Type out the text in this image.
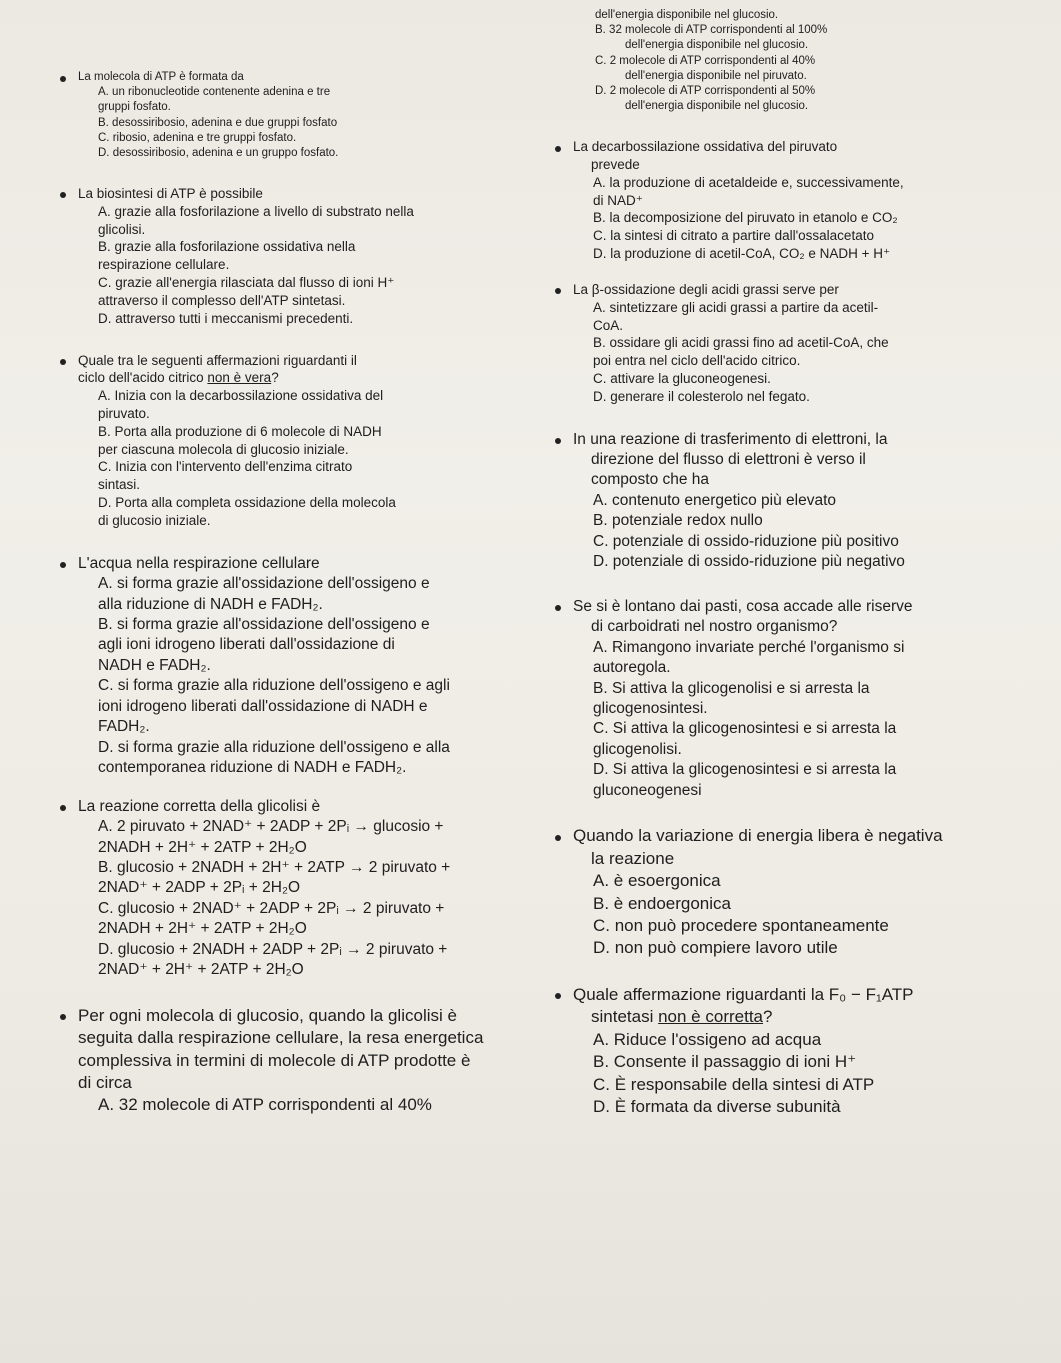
dell'energia disponibile nel glucosio.

B. 32 molecole di ATP corrispondenti al 100%

dell'energia disponibile nel glucosio.

C. 2 molecole di ATP corrispondenti al 40%

dell'energia disponibile nel piruvato.

D. 2 molecole di ATP corrispondenti al 50%

dell'energia disponibile nel glucosio.

La decarbossilazione ossidativa del piruvato

prevede

A. la produzione di acetaldeide e, successivamente,

di NAD⁺

B. la decomposizione del piruvato in etanolo e CO₂

C. la sintesi di citrato a partire dall'ossalacetato

D. la produzione di acetil-CoA, CO₂ e NADH + H⁺

La β-ossidazione degli acidi grassi serve per

A. sintetizzare gli acidi grassi a partire da acetil-

CoA.

B. ossidare gli acidi grassi fino ad acetil-CoA, che

poi entra nel ciclo dell'acido citrico.

C. attivare la gluconeogenesi.

D. generare il colesterolo nel fegato.

In una reazione di trasferimento di elettroni, la

direzione del flusso di elettroni è verso il

composto che ha

A. contenuto energetico più elevato

B. potenziale redox nullo

C. potenziale di ossido-riduzione più positivo

D. potenziale di ossido-riduzione più negativo

Se si è lontano dai pasti, cosa accade alle riserve

di carboidrati nel nostro organismo?

A. Rimangono invariate perché l'organismo si

autoregola.

B. Si attiva la glicogenolisi e si arresta la

glicogenosintesi.

C. Si attiva la glicogenosintesi e si arresta la

glicogenolisi.

D. Si attiva la glicogenosintesi e si arresta la

gluconeogenesi

Quando la variazione di energia libera è negativa

la reazione

A. è esoergonica

B. è endoergonica

C. non può procedere spontaneamente

D. non può compiere lavoro utile

Quale affermazione riguardanti la F₀ − F₁ATP

sintetasi non è corretta?

A. Riduce l'ossigeno ad acqua

B. Consente il passaggio di ioni H⁺

C. È responsabile della sintesi di ATP

D. È formata da diverse subunità

La molecola di ATP è formata da

A. un ribonucleotide contenente adenina e tre

gruppi fosfato.

B. desossiribosio, adenina e due gruppi fosfato

C. ribosio, adenina e tre gruppi fosfato.

D. desossiribosio, adenina e un gruppo fosfato.

La biosintesi di ATP è possibile

A. grazie alla fosforilazione a livello di substrato nella

glicolisi.

B. grazie alla fosforilazione ossidativa nella

respirazione cellulare.

C. grazie all'energia rilasciata dal flusso di ioni H⁺

attraverso il complesso dell'ATP sintetasi.

D. attraverso tutti i meccanismi precedenti.

Quale tra le seguenti affermazioni riguardanti il

ciclo dell'acido citrico non è vera?

A. Inizia con la decarbossilazione ossidativa del

piruvato.

B. Porta alla produzione di 6 molecole di NADH

per ciascuna molecola di glucosio iniziale.

C. Inizia con l'intervento dell'enzima citrato

sintasi.

D. Porta alla completa ossidazione della molecola

di glucosio iniziale.

L'acqua nella respirazione cellulare

A. si forma grazie all'ossidazione dell'ossigeno e

alla riduzione di NADH e FADH₂.

B. si forma grazie all'ossidazione dell'ossigeno e

agli ioni idrogeno liberati dall'ossidazione di

NADH e FADH₂.

C. si forma grazie alla riduzione dell'ossigeno e agli

ioni idrogeno liberati dall'ossidazione di NADH e

FADH₂.

D. si forma grazie alla riduzione dell'ossigeno e alla

contemporanea riduzione di NADH e FADH₂.

La reazione corretta della glicolisi è

A. 2 piruvato + 2NAD⁺ + 2ADP + 2Pᵢ → glucosio +

2NADH + 2H⁺ + 2ATP + 2H₂O

B. glucosio + 2NADH + 2H⁺ + 2ATP → 2 piruvato +

2NAD⁺ + 2ADP + 2Pᵢ + 2H₂O

C. glucosio + 2NAD⁺ + 2ADP + 2Pᵢ → 2 piruvato +

2NADH + 2H⁺ + 2ATP + 2H₂O

D. glucosio + 2NADH + 2ADP + 2Pᵢ → 2 piruvato +

2NAD⁺ + 2H⁺ + 2ATP + 2H₂O

Per ogni molecola di glucosio, quando la glicolisi è

seguita dalla respirazione cellulare, la resa energetica

complessiva in termini di molecole di ATP prodotte è

di circa

A. 32 molecole di ATP corrispondenti al 40%
